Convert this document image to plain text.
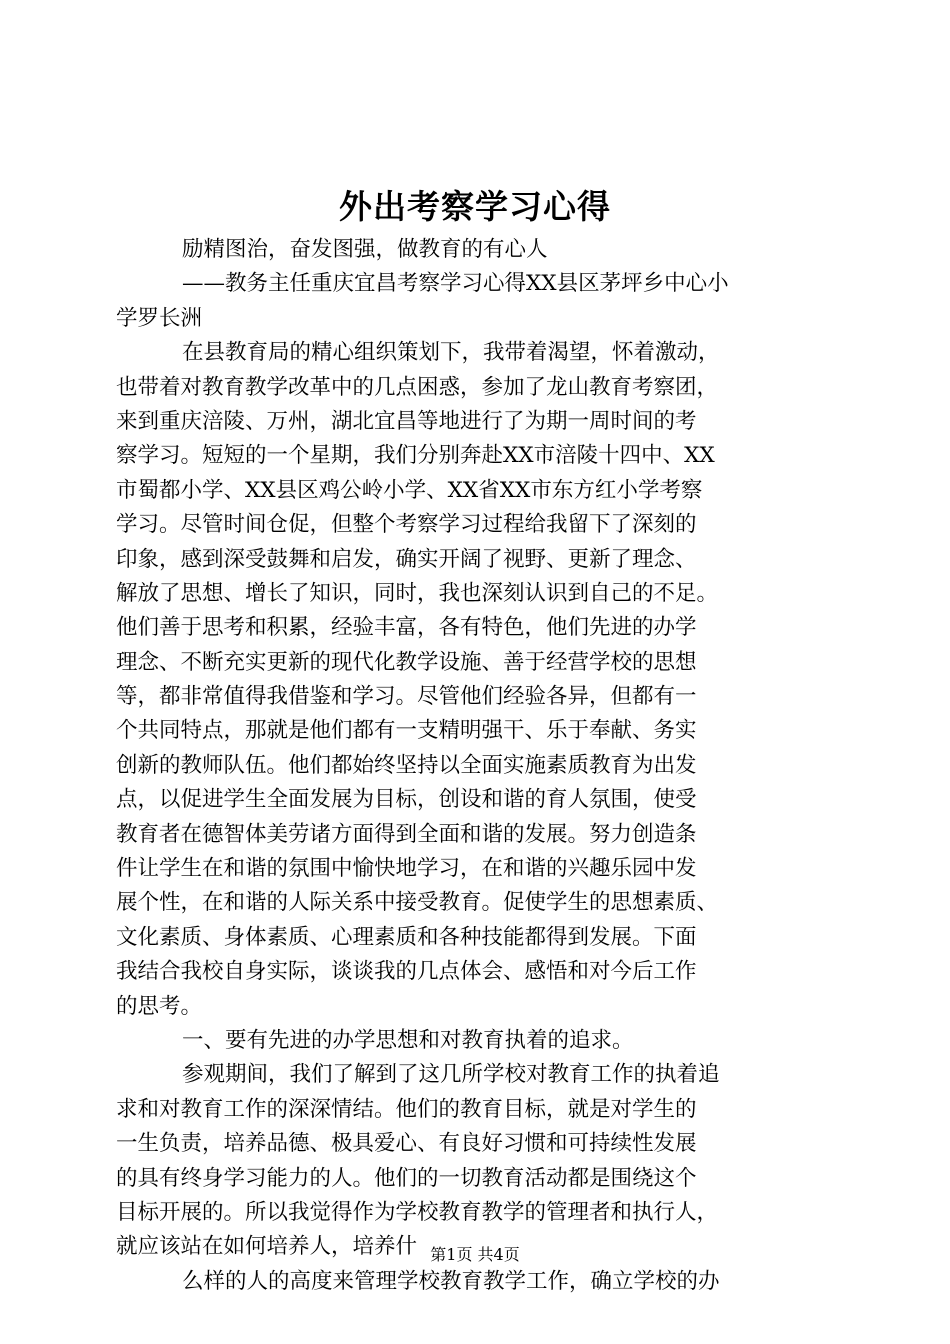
外出考察学习心得
励精图治，奋发图强，做教育的有心人
——教务主任重庆宜昌考察学习心得XX县区茅坪乡中心小
学罗长洲
在县教育局的精心组织策划下，我带着渴望，怀着激动，
也带着对教育教学改革中的几点困惑，参加了龙山教育考察团，
来到重庆涪陵、万州，湖北宜昌等地进行了为期一周时间的考
察学习。短短的一个星期，我们分别奔赴XX市涪陵十四中、XX
市蜀都小学、XX县区鸡公岭小学、XX省XX市东方红小学考察
学习。尽管时间仓促，但整个考察学习过程给我留下了深刻的
印象，感到深受鼓舞和启发，确实开阔了视野、更新了理念、
解放了思想、增长了知识，同时，我也深刻认识到自己的不足。
他们善于思考和积累，经验丰富，各有特色，他们先进的办学
理念、不断充实更新的现代化教学设施、善于经营学校的思想
等，都非常值得我借鉴和学习。尽管他们经验各异，但都有一
个共同特点，那就是他们都有一支精明强干、乐于奉献、务实
创新的教师队伍。他们都始终坚持以全面实施素质教育为出发
点，以促进学生全面发展为目标，创设和谐的育人氛围，使受
教育者在德智体美劳诸方面得到全面和谐的发展。努力创造条
件让学生在和谐的氛围中愉快地学习，在和谐的兴趣乐园中发
展个性，在和谐的人际关系中接受教育。促使学生的思想素质、
文化素质、身体素质、心理素质和各种技能都得到发展。下面
我结合我校自身实际，谈谈我的几点体会、感悟和对今后工作
的思考。
一、要有先进的办学思想和对教育执着的追求。
参观期间，我们了解到了这几所学校对教育工作的执着追
求和对教育工作的深深情结。他们的教育目标，就是对学生的
一生负责，培养品德、极具爱心、有良好习惯和可持续性发展
的具有终身学习能力的人。他们的一切教育活动都是围绕这个
目标开展的。所以我觉得作为学校教育教学的管理者和执行人，
就应该站在如何培养人，培养什
么样的人的高度来管理学校教育教学工作，确立学校的办
第1页 共4页
